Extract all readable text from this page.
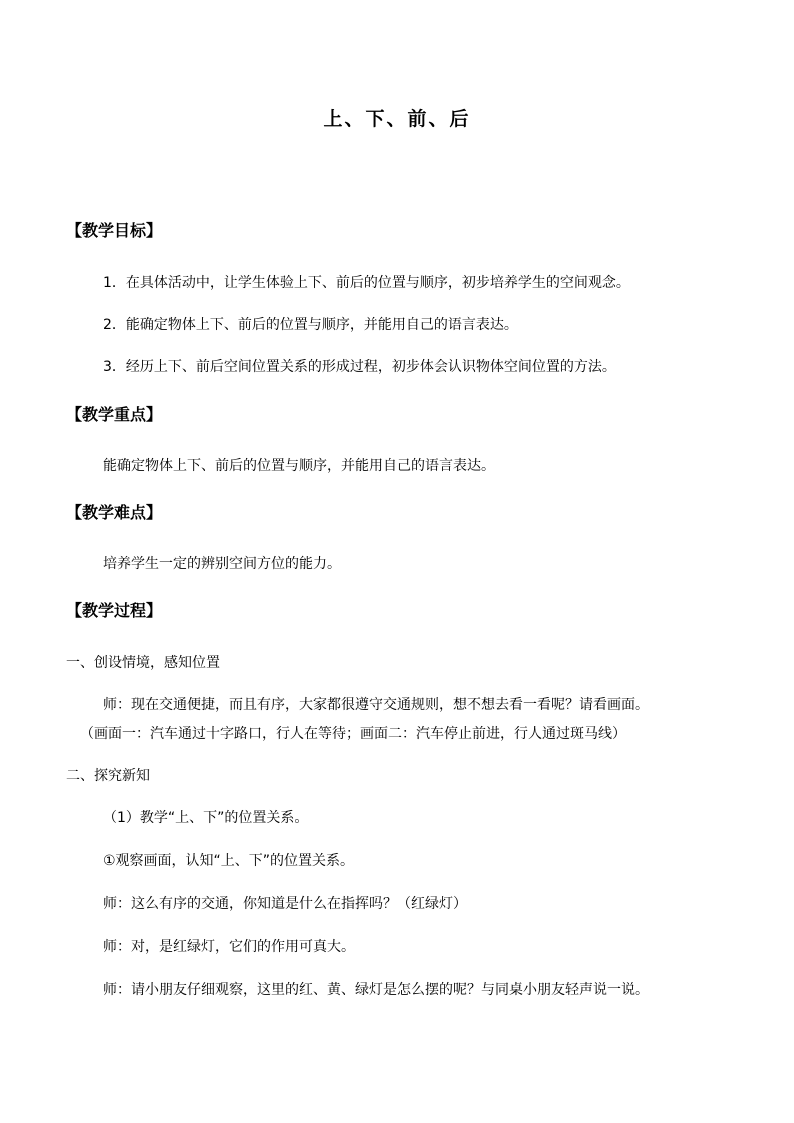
上、下、前、后
【教学目标】
1．在具体活动中，让学生体验上下、前后的位置与顺序，初步培养学生的空间观念。
2．能确定物体上下、前后的位置与顺序，并能用自己的语言表达。
3．经历上下、前后空间位置关系的形成过程，初步体会认识物体空间位置的方法。
【教学重点】
能确定物体上下、前后的位置与顺序，并能用自己的语言表达。
【教学难点】
培养学生一定的辨别空间方位的能力。
【教学过程】
一、创设情境，感知位置
师：现在交通便捷，而且有序，大家都很遵守交通规则，想不想去看一看呢？请看画面。
（画面一：汽车通过十字路口，行人在等待；画面二：汽车停止前进，行人通过斑马线）
二、探究新知
（1）教学“上、下”的位置关系。
①观察画面，认知“上、下”的位置关系。
师：这么有序的交通，你知道是什么在指挥吗？（红绿灯）
师：对，是红绿灯，它们的作用可真大。
师：请小朋友仔细观察，这里的红、黄、绿灯是怎么摆的呢？与同桌小朋友轻声说一说。
